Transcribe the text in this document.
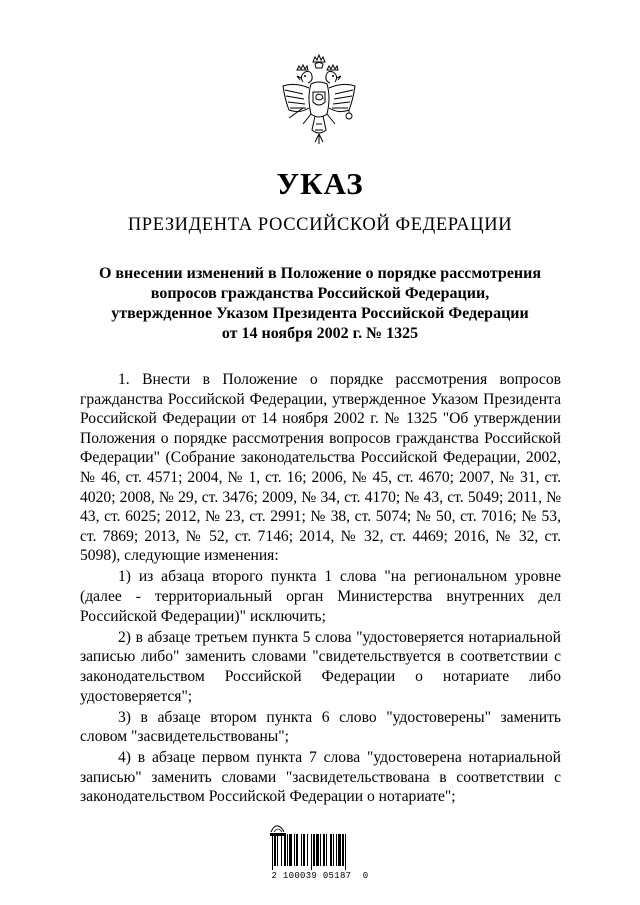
УКАЗ
ПРЕЗИДЕНТА РОССИЙСКОЙ ФЕДЕРАЦИИ
О внесении изменений в Положение о порядке рассмотрения
вопросов гражданства Российской Федерации,
утвержденное Указом Президента Российской Федерации
от 14 ноября 2002 г. № 1325

1. Внести в Положение о порядке рассмотрения вопросов гражданства Российской Федерации, утвержденное Указом Президента Российской Федерации от 14 ноября 2002 г. № 1325 "Об утверждении Положения о порядке рассмотрения вопросов гражданства Российской Федерации" (Собрание законодательства Российской Федерации, 2002, № 46, ст. 4571; 2004, № 1, ст. 16; 2006, № 45, ст. 4670; 2007, № 31, ст. 4020; 2008, № 29, ст. 3476; 2009, № 34, ст. 4170; № 43, ст. 5049; 2011, № 43, ст. 6025; 2012, № 23, ст. 2991; № 38, ст. 5074; № 50, ст. 7016; № 53, ст. 7869; 2013, № 52, ст. 7146; 2014, № 32, ст. 4469; 2016, № 32, ст. 5098), следующие изменения:

1) из абзаца второго пункта 1 слова "на региональном уровне (далее - территориальный орган Министерства внутренних дел Российской Федерации)" исключить;

2) в абзаце третьем пункта 5 слова "удостоверяется нотариальной записью либо" заменить словами "свидетельствуется в соответствии с законодательством Российской Федерации о нотариате либо удостоверяется";

3) в абзаце втором пункта 6 слово "удостоверены" заменить словом "засвидетельствованы";

4) в абзаце первом пункта 7 слова "удостоверена нотариальной записью" заменить словами "засвидетельствована в соответствии с законодательством Российской Федерации о нотариате";

2 100039 05187  0
